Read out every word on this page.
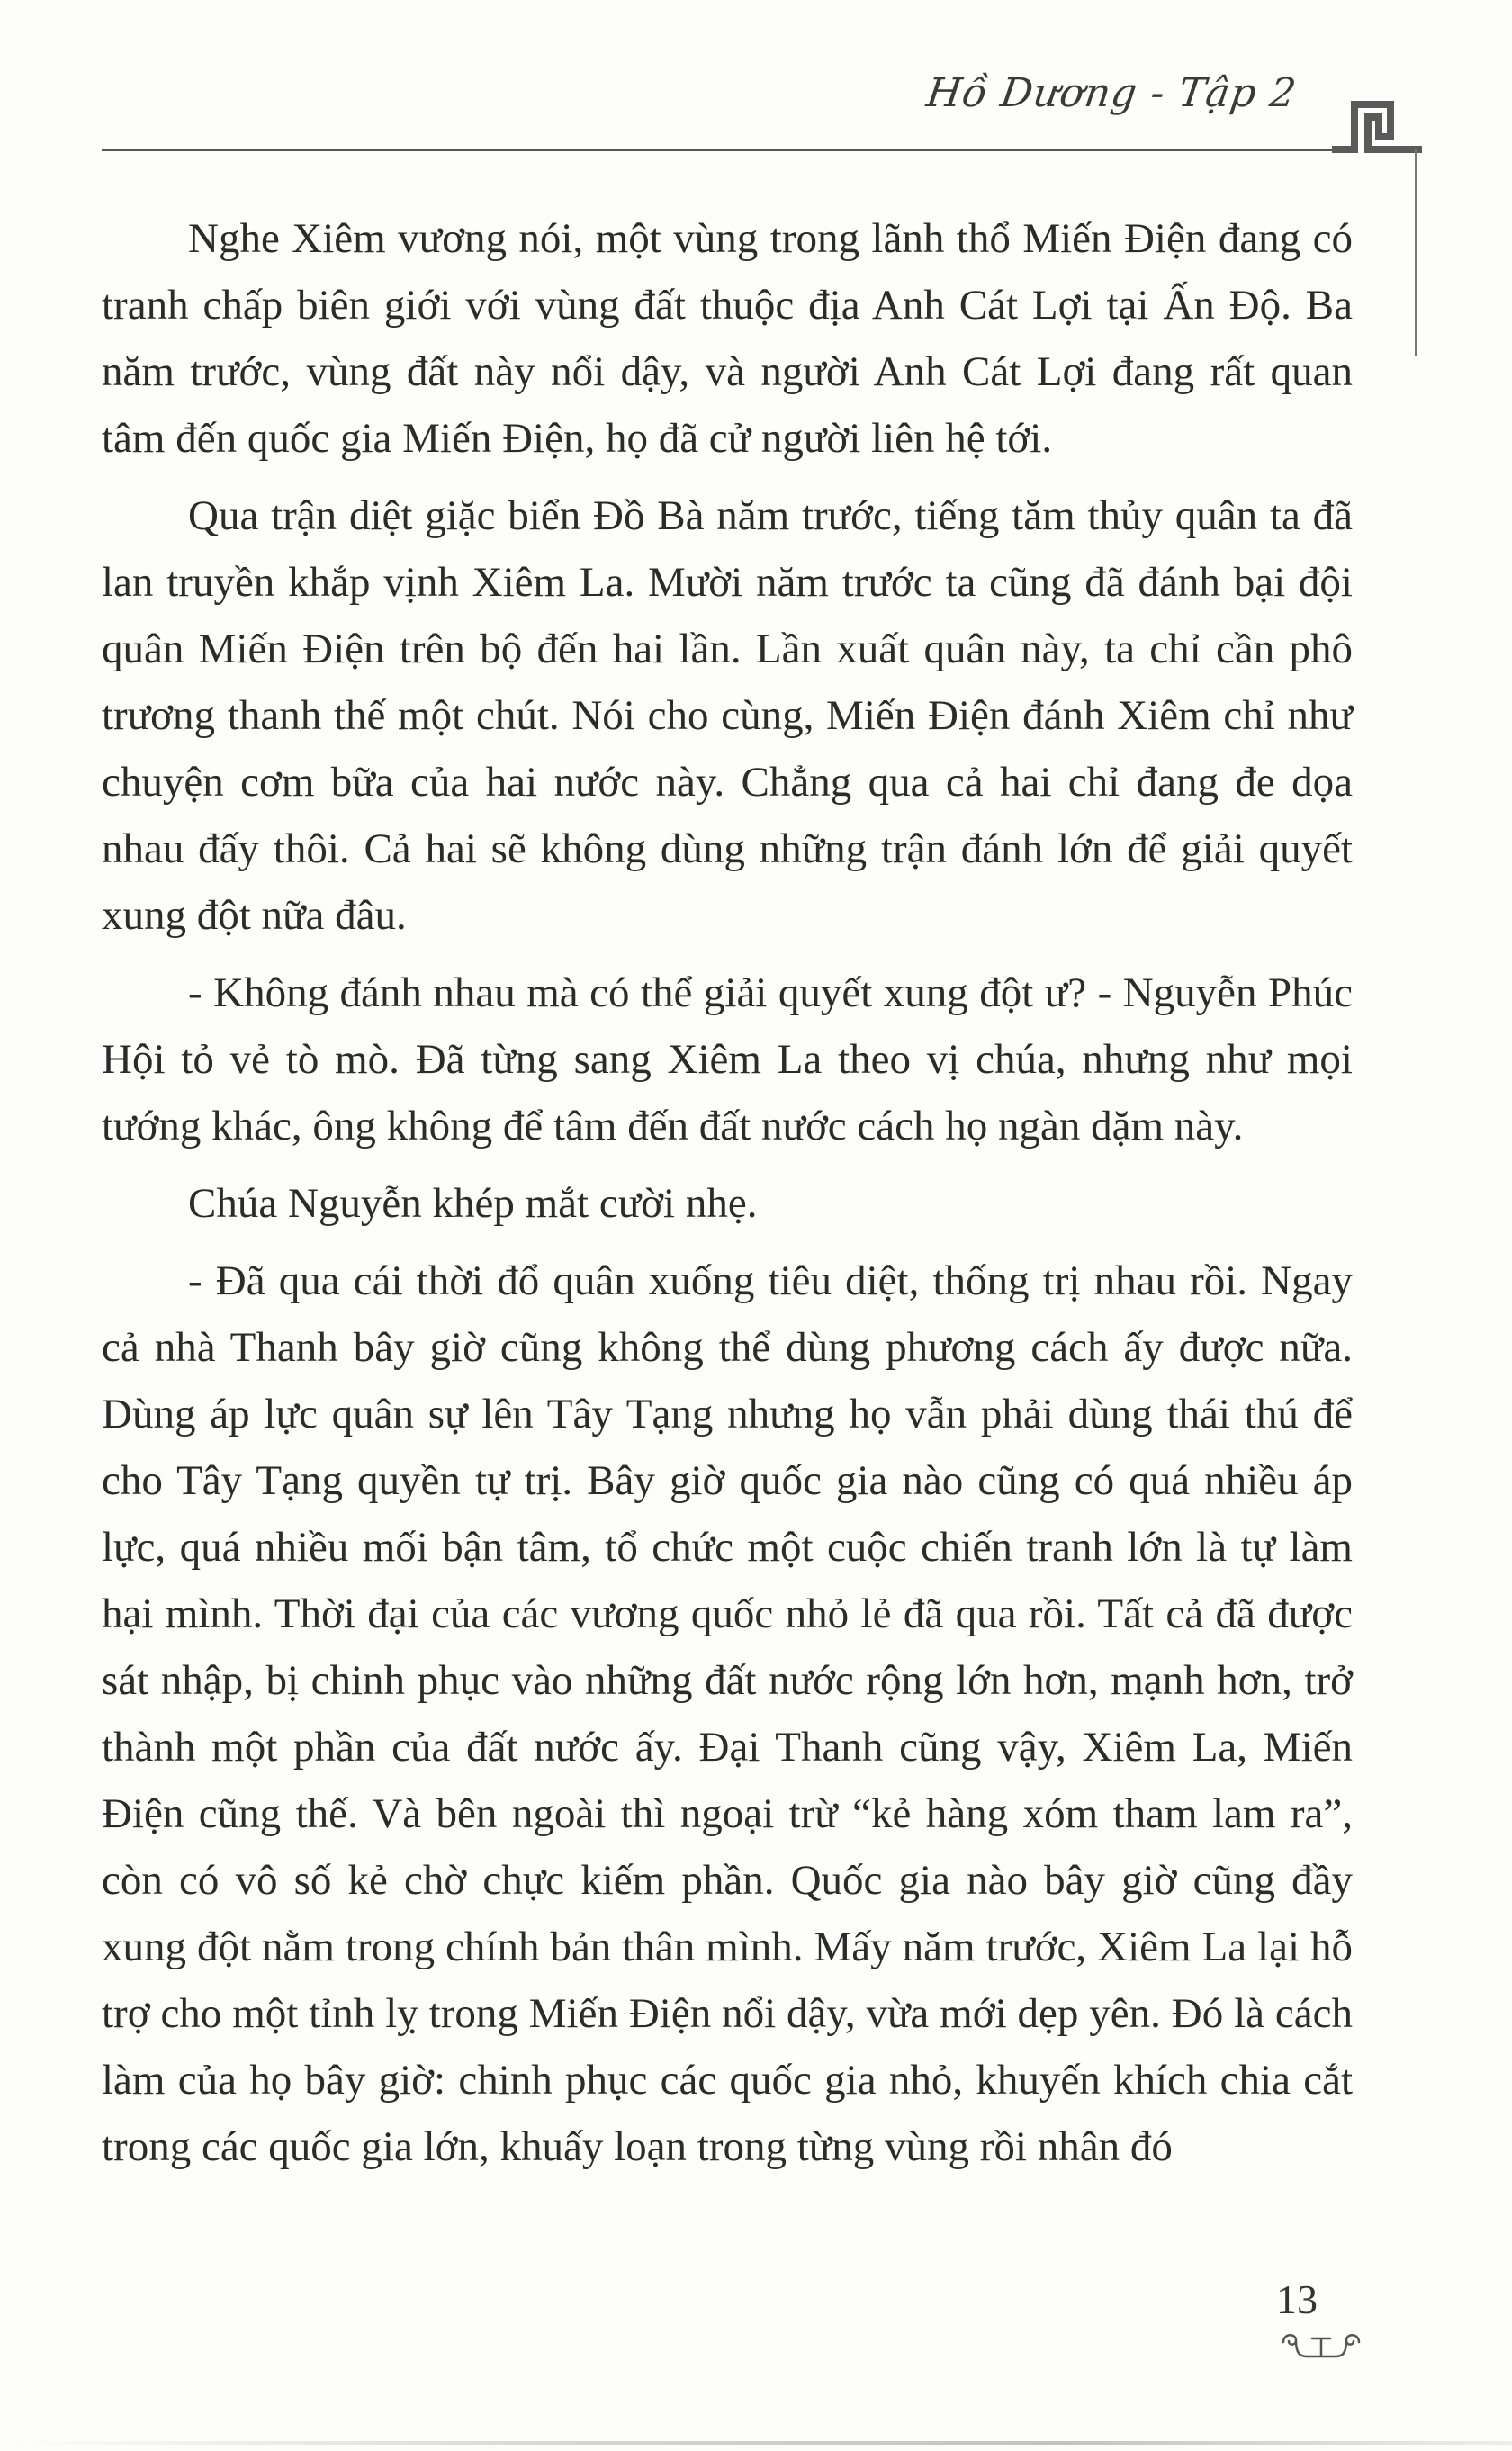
Hồ Dương - Tập 2

Nghe Xiêm vương nói, một vùng trong lãnh thổ Miến Điện đang có tranh chấp biên giới với vùng đất thuộc địa Anh Cát Lợi tại Ấn Độ. Ba năm trước, vùng đất này nổi dậy, và người Anh Cát Lợi đang rất quan tâm đến quốc gia Miến Điện, họ đã cử người liên hệ tới.

Qua trận diệt giặc biển Đồ Bà năm trước, tiếng tăm thủy quân ta đã lan truyền khắp vịnh Xiêm La. Mười năm trước ta cũng đã đánh bại đội quân Miến Điện trên bộ đến hai lần. Lần xuất quân này, ta chỉ cần phô trương thanh thế một chút. Nói cho cùng, Miến Điện đánh Xiêm chỉ như chuyện cơm bữa của hai nước này. Chẳng qua cả hai chỉ đang đe dọa nhau đấy thôi. Cả hai sẽ không dùng những trận đánh lớn để giải quyết xung đột nữa đâu.

- Không đánh nhau mà có thể giải quyết xung đột ư? - Nguyễn Phúc Hội tỏ vẻ tò mò. Đã từng sang Xiêm La theo vị chúa, nhưng như mọi tướng khác, ông không để tâm đến đất nước cách họ ngàn dặm này.

Chúa Nguyễn khép mắt cười nhẹ.

- Đã qua cái thời đổ quân xuống tiêu diệt, thống trị nhau rồi. Ngay cả nhà Thanh bây giờ cũng không thể dùng phương cách ấy được nữa. Dùng áp lực quân sự lên Tây Tạng nhưng họ vẫn phải dùng thái thú để cho Tây Tạng quyền tự trị. Bây giờ quốc gia nào cũng có quá nhiều áp lực, quá nhiều mối bận tâm, tổ chức một cuộc chiến tranh lớn là tự làm hại mình. Thời đại của các vương quốc nhỏ lẻ đã qua rồi. Tất cả đã được sát nhập, bị chinh phục vào những đất nước rộng lớn hơn, mạnh hơn, trở thành một phần của đất nước ấy. Đại Thanh cũng vậy, Xiêm La, Miến Điện cũng thế. Và bên ngoài thì ngoại trừ “kẻ hàng xóm tham lam ra”, còn có vô số kẻ chờ chực kiếm phần. Quốc gia nào bây giờ cũng đầy xung đột nằm trong chính bản thân mình. Mấy năm trước, Xiêm La lại hỗ trợ cho một tỉnh lỵ trong Miến Điện nổi dậy, vừa mới dẹp yên. Đó là cách làm của họ bây giờ: chinh phục các quốc gia nhỏ, khuyến khích chia cắt trong các quốc gia lớn, khuấy loạn trong từng vùng rồi nhân đó

13
